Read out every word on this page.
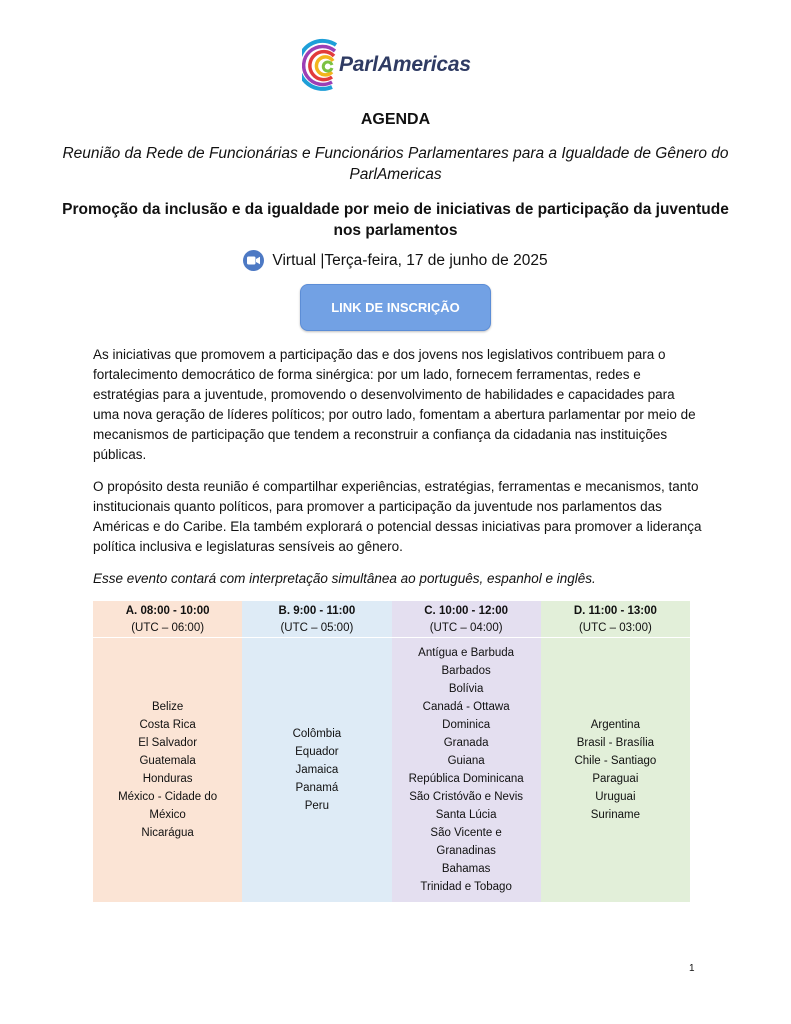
ParlAmericas
AGENDA
Reunião da Rede de Funcionárias e Funcionários Parlamentares para a Igualdade de Gênero do ParlAmericas
Promoção da inclusão e da igualdade por meio de iniciativas de participação da juventude nos parlamentos
Virtual |Terça-feira, 17 de junho de 2025
LINK DE INSCRIÇÃO

As iniciativas que promovem a participação das e dos jovens nos legislativos contribuem para o fortalecimento democrático de forma sinérgica: por um lado, fornecem ferramentas, redes e estratégias para a juventude, promovendo o desenvolvimento de habilidades e capacidades para uma nova geração de líderes políticos; por outro lado, fomentam a abertura parlamentar por meio de mecanismos de participação que tendem a reconstruir a confiança da cidadania nas instituições públicas.

O propósito desta reunião é compartilhar experiências, estratégias, ferramentas e mecanismos, tanto institucionais quanto políticos, para promover a participação da juventude nos parlamentos das Américas e do Caribe. Ela também explorará o potencial dessas iniciativas para promover a liderança política inclusiva e legislaturas sensíveis ao gênero.

Esse evento contará com interpretação simultânea ao português, espanhol e inglês.

A. 08:00 - 10:00
(UTC – 06:00)
Belize
Costa Rica
El Salvador
Guatemala
Honduras
México - Cidade do
México
Nicarágua
B. 9:00 - 11:00
(UTC – 05:00)
Colômbia
Equador
Jamaica
Panamá
Peru
C. 10:00 - 12:00
(UTC – 04:00)
Antígua e Barbuda
Barbados
Bolívia
Canadá - Ottawa
Dominica
Granada
Guiana
República Dominicana
São Cristóvão e Nevis
Santa Lúcia
São Vicente e
Granadinas
Bahamas
Trinidad e Tobago
D. 11:00 - 13:00
(UTC – 03:00)
Argentina
Brasil - Brasília
Chile - Santiago
Paraguai
Uruguai
Suriname
1
